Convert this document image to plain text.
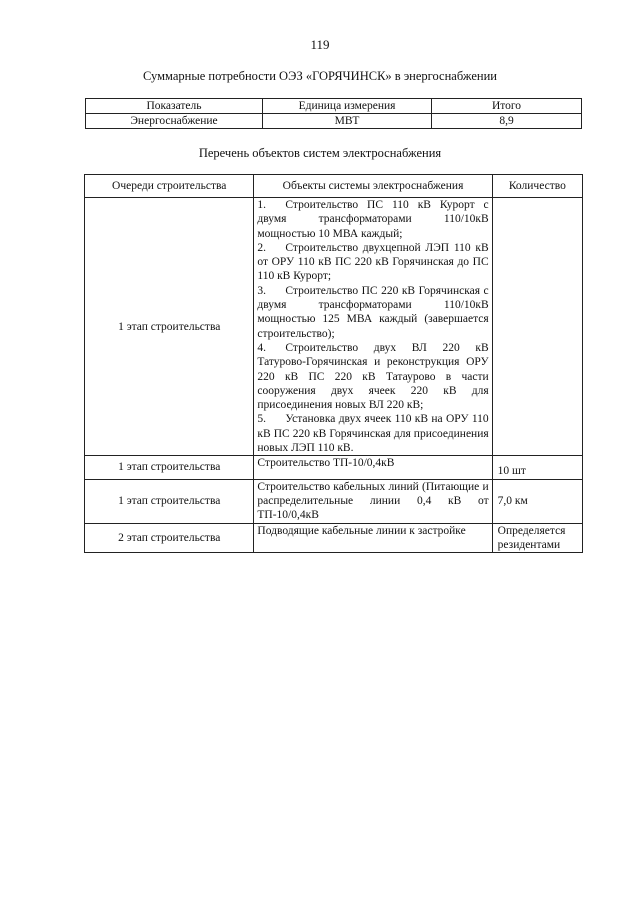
119
Суммарные потребности ОЭЗ «ГОРЯЧИНСК» в энергоснабжении
Показатель	Единица измерения	Итого
Энергоснабжение	МВТ	8,9
Перечень объектов систем электроснабжения
Очереди строительства	Объекты системы электроснабжения	Количество

1 этап строительства	1. Строительство ПС 110 кВ Курорт с двумя трансформаторами 110/10кВ мощностью 10 МВА каждый;
2. Строительство двухцепной ЛЭП 110 кВ от ОРУ 110 кВ ПС 220 кВ Горячинская до ПС 110 кВ Курорт;
3. Строительство ПС 220 кВ Горячинская с двумя трансформаторами 110/10кВ мощностью 125 МВА каждый (завершается строительство);
4. Строительство двух ВЛ 220 кВ Татурово-Горячинская и реконструкция ОРУ 220 кВ ПС 220 кВ Татаурово в части сооружения двух ячеек 220 кВ для присоединения новых ВЛ 220 кВ;
5. Установка двух ячеек 110 кВ на ОРУ 110 кВ ПС 220 кВ Горячинская для присоединения новых ЛЭП 110 кВ.	

1 этап строительства	Строительство ТП-10/0,4кВ	10 шт

1 этап строительства	Строительство кабельных линий (Питающие и распределительные линии 0,4 кВ от ТП-10/0,4кВ	7,0 км

2 этап строительства	Подводящие кабельные линии к застройке	Определяется резидентами
